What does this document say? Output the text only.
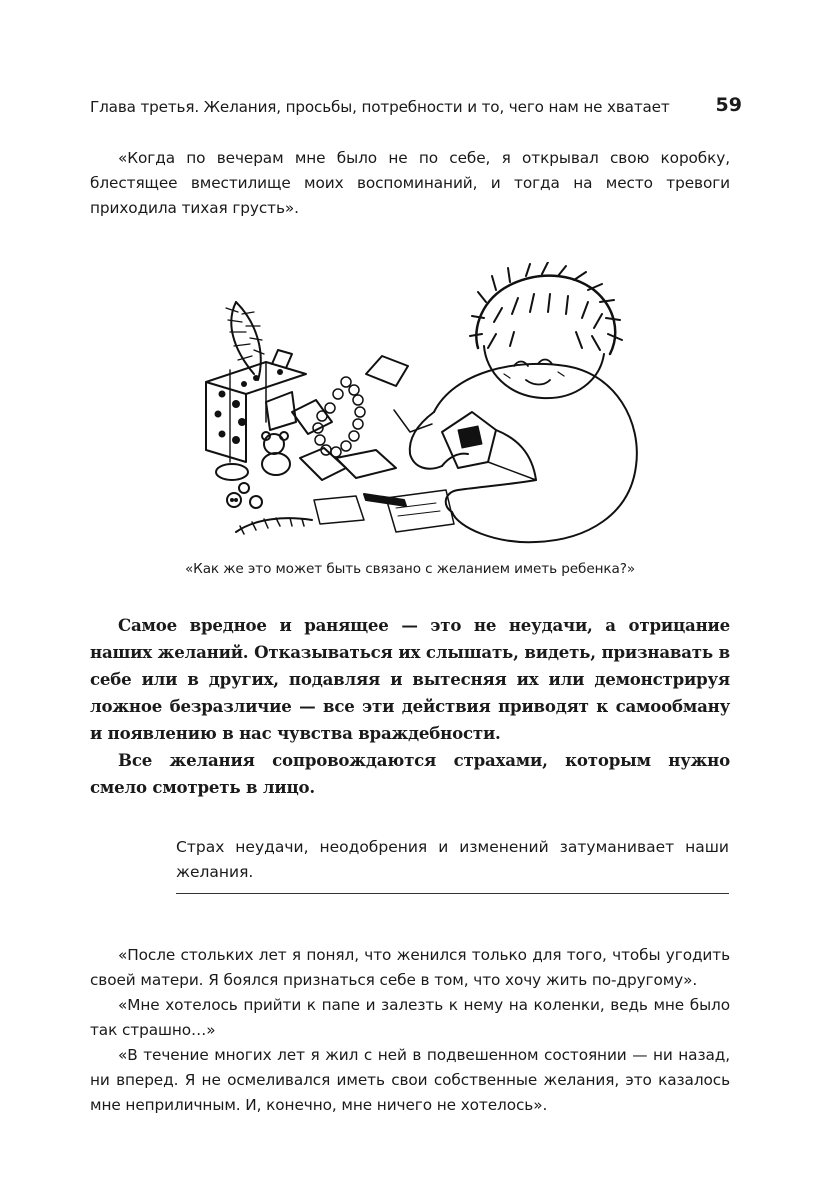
Глава третья. Желания, просьбы, потребности и то, чего нам не хватает 59

«Когда по вечерам мне было не по себе, я открывал свою коробку, блестящее вместилище моих воспоминаний, и тогда на место тревоги приходила тихая грусть».

«Как же это может быть связано с желанием иметь ребенка?»

Самое вредное и ранящее — это не неудачи, а отрицание наших желаний. Отказываться их слышать, видеть, признавать в себе или в других, подавляя и вытесняя их или демонстрируя ложное безразличие — все эти действия приводят к самообману и появлению в нас чувства враждебности.

Все желания сопровождаются страхами, которым нужно смело смотреть в лицо.

Страх неудачи, неодобрения и изменений затуманивает наши желания.

«После стольких лет я понял, что женился только для того, чтобы угодить своей матери. Я боялся признаться себе в том, что хочу жить по-другому».

«Мне хотелось прийти к папе и залезть к нему на коленки, ведь мне было так страшно…»

«В течение многих лет я жил с ней в подвешенном состоянии — ни назад, ни вперед. Я не осмеливался иметь свои собственные желания, это казалось мне неприличным. И, конечно, мне ничего не хотелось».
